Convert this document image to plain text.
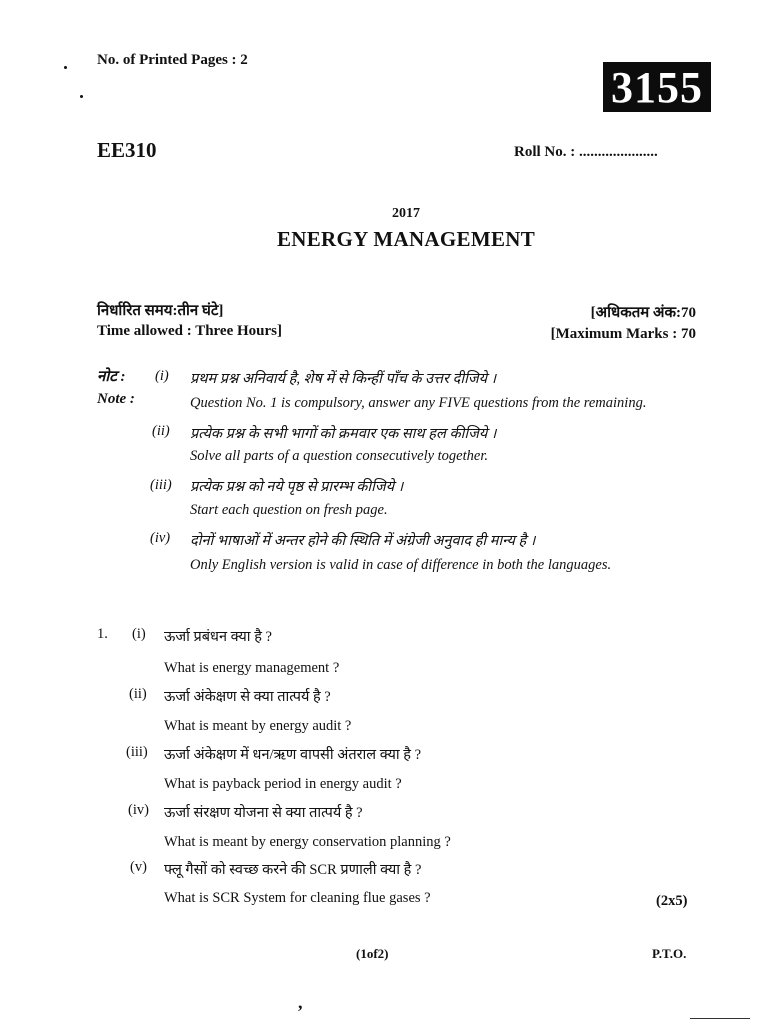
No. of Printed Pages : 2
3155
EE310	Roll No. : .....................
2017
ENERGY MANAGEMENT
निर्धारित समय:तीन घंटे]
Time allowed : Three Hours]
[अधिकतम अंक:70
[Maximum Marks : 70
नोट :
Note :
(i) प्रथम प्रश्न अनिवार्य है, शेष में से किन्हीं पाँच के उत्तर दीजिये ।
Question No. 1 is compulsory, answer any FIVE questions from the remaining.
(ii) प्रत्येक प्रश्न के सभी भागों को क्रमवार एक साथ हल कीजिये ।
Solve all parts of a question consecutively together.
(iii) प्रत्येक प्रश्न को नये पृष्ठ से प्रारम्भ कीजिये ।
Start each question on fresh page.
(iv) दोनों भाषाओं में अन्तर होने की स्थिति में अंग्रेजी अनुवाद ही मान्य है ।
Only English version is valid in case of difference in both the languages.
1. (i) ऊर्जा प्रबंधन क्या है ?
What is energy management ?
(ii) ऊर्जा अंकेक्षण से क्या तात्पर्य है ?
What is meant by energy audit ?
(iii) ऊर्जा अंकेक्षण में धन/ऋण वापसी अंतराल क्या है ?
What is payback period in energy audit ?
(iv) ऊर्जा संरक्षण योजना से क्या तात्पर्य है ?
What is meant by energy conservation planning ?
(v) फ्लू गैसों को स्वच्छ करने की SCR प्रणाली क्या है ?
What is SCR System for cleaning flue gases ?	(2x5)
(1of2)	P.T.O.
,
